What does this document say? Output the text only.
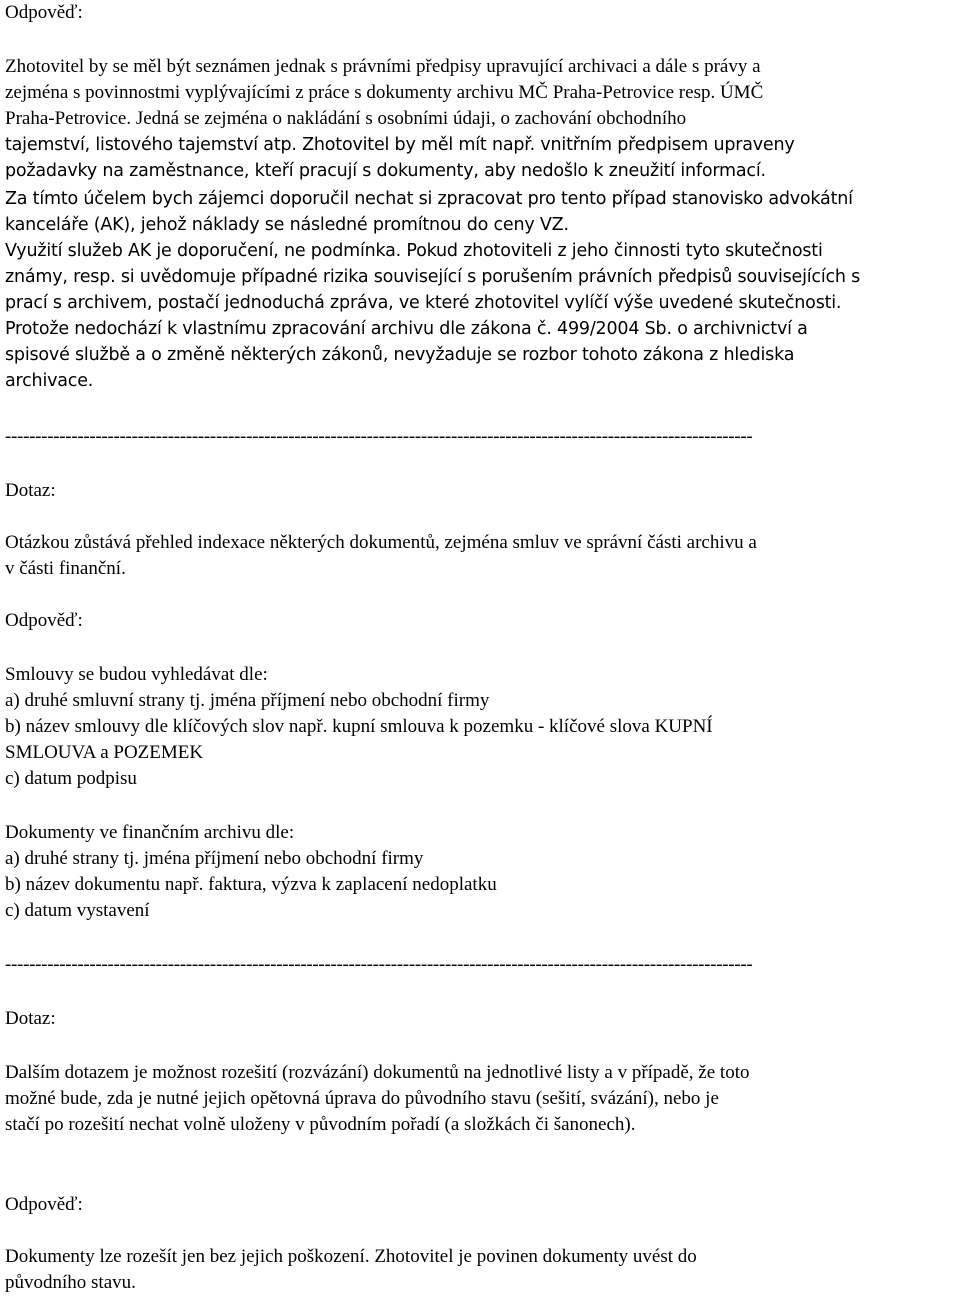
Odpověď:
Zhotovitel by se měl být seznámen jednak s právními předpisy upravující archivaci a dále s právy a
zejména s povinnostmi vyplývajícími z práce s dokumenty archivu MČ Praha-Petrovice resp. ÚMČ
Praha-Petrovice. Jedná se zejména o nakládání s osobními údaji, o zachování obchodního
tajemství, listového tajemství atp. Zhotovitel by měl mít např. vnitřním předpisem upraveny
požadavky na zaměstnance, kteří pracují s dokumenty, aby nedošlo k zneužití informací.
Za tímto účelem bych zájemci doporučil nechat si zpracovat pro tento případ stanovisko advokátní
kanceláře (AK), jehož náklady se následné promítnou do ceny VZ.
Využití služeb AK je doporučení, ne podmínka. Pokud zhotoviteli z jeho činnosti tyto skutečnosti
známy, resp. si uvědomuje případné rizika související s porušením právních předpisů souvisejících s
prací s archivem, postačí jednoduchá zpráva, ve které zhotovitel vylíčí výše uvedené skutečnosti.
Protože nedochází k vlastnímu zpracování archivu dle zákona č. 499/2004 Sb. o archivnictví a
spisové službě a o změně některých zákonů, nevyžaduje se rozbor tohoto zákona z hlediska
archivace.
----------------------------------------------------------------------------------------------------------------------------
Dotaz:
Otázkou zůstává přehled indexace některých dokumentů, zejména smluv ve správní části archivu a
v části finanční.
Odpověď:
Smlouvy se budou vyhledávat dle:
a) druhé smluvní strany tj. jména příjmení nebo obchodní firmy
b) název smlouvy dle klíčových slov např. kupní smlouva k pozemku - klíčové slova KUPNÍ
SMLOUVA a POZEMEK
c) datum podpisu
Dokumenty ve finančním archivu dle:
a) druhé strany tj. jména příjmení nebo obchodní firmy
b) název dokumentu např. faktura, výzva k zaplacení nedoplatku
c) datum vystavení
----------------------------------------------------------------------------------------------------------------------------
Dotaz:
Dalším dotazem je možnost rozešití (rozvázání) dokumentů na jednotlivé listy a v případě, že toto
možné bude, zda je nutné jejich opětovná úprava do původního stavu (sešití, svázání), nebo je
stačí po rozešití nechat volně uloženy v původním pořadí (a složkách či šanonech).
Odpověď:
Dokumenty lze rozešít jen bez jejich poškození. Zhotovitel je povinen dokumenty uvést do
původního stavu.
